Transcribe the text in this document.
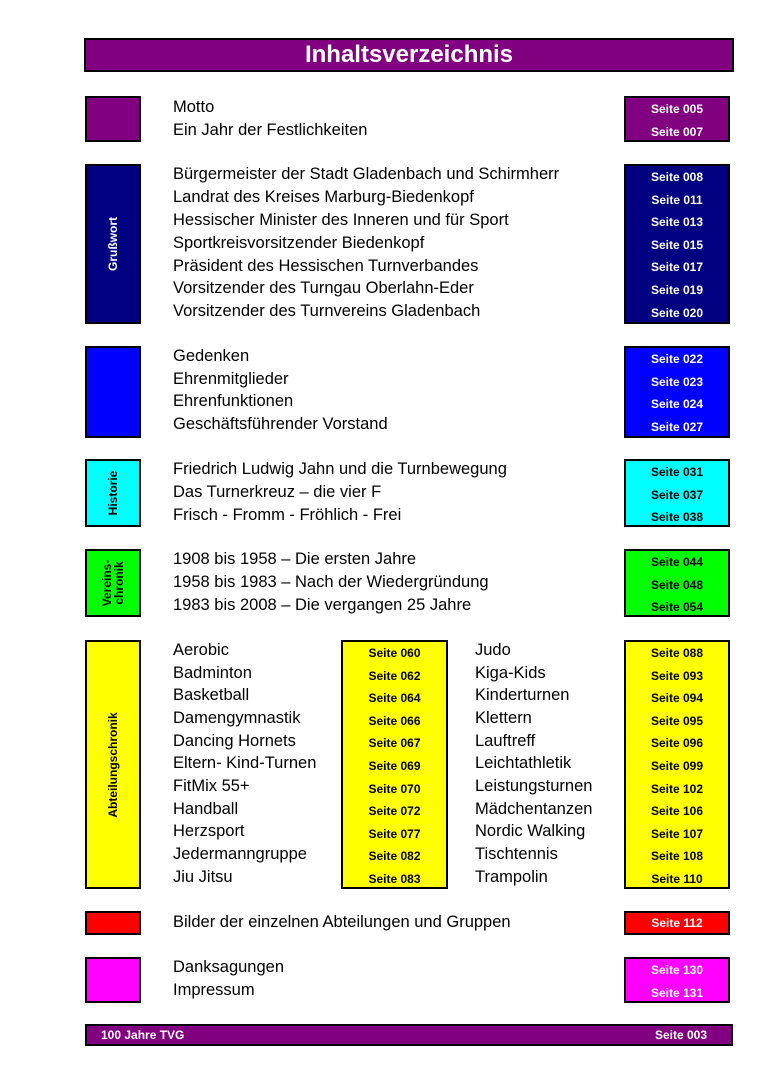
Inhaltsverzeichnis
Motto
Ein Jahr der Festlichkeiten
Seite 005
Seite 007
Grußwort
Bürgermeister der Stadt Gladenbach und Schirmherr
Landrat des Kreises Marburg-Biedenkopf
Hessischer Minister des Inneren und für Sport
Sportkreisvorsitzender Biedenkopf
Präsident des Hessischen Turnverbandes
Vorsitzender des Turngau Oberlahn-Eder
Vorsitzender des Turnvereins Gladenbach
Seite 008
Seite 011
Seite 013
Seite 015
Seite 017
Seite 019
Seite 020
Gedenken
Ehrenmitglieder
Ehrenfunktionen
Geschäftsführender Vorstand
Seite 022
Seite 023
Seite 024
Seite 027
Historie
Friedrich Ludwig Jahn und die Turnbewegung
Das Turnerkreuz – die vier F
Frisch - Fromm - Fröhlich - Frei
Seite 031
Seite 037
Seite 038
Vereins-
chronik
1908 bis 1958 – Die ersten Jahre
1958 bis 1983 – Nach der Wiedergründung
1983 bis 2008 – Die vergangen 25 Jahre
Seite 044
Seite 048
Seite 054
Abteilungschronik
Aerobic
Badminton
Basketball
Damengymnastik
Dancing Hornets
Eltern- Kind-Turnen
FitMix 55+
Handball
Herzsport
Jedermanngruppe
Jiu Jitsu
Seite 060
Seite 062
Seite 064
Seite 066
Seite 067
Seite 069
Seite 070
Seite 072
Seite 077
Seite 082
Seite 083
Judo
Kiga-Kids
Kinderturnen
Klettern
Lauftreff
Leichtathletik
Leistungsturnen
Mädchentanzen
Nordic Walking
Tischtennis
Trampolin
Seite 088
Seite 093
Seite 094
Seite 095
Seite 096
Seite 099
Seite 102
Seite 106
Seite 107
Seite 108
Seite 110
Bilder der einzelnen Abteilungen und Gruppen	Seite 112
Danksagungen
Impressum
Seite 130
Seite 131
100 Jahre TVG	Seite 003
